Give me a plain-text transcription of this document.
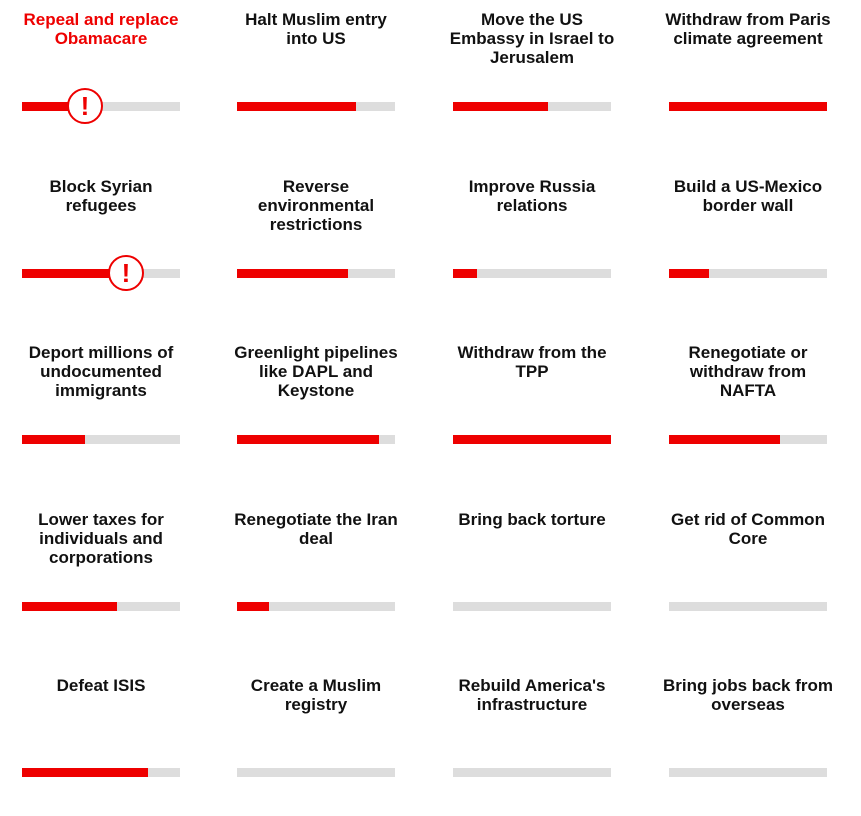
Repeal and replace Obamacare
!
Halt Muslim entry into US
Move the US Embassy in Israel to Jerusalem
Withdraw from Paris climate agreement
Block Syrian refugees
!
Reverse environmental restrictions
Improve Russia relations
Build a US-Mexico border wall
Deport millions of undocumented immigrants
Greenlight pipelines like DAPL and Keystone
Withdraw from the TPP
Renegotiate or withdraw from NAFTA
Lower taxes for individuals and corporations
Renegotiate the Iran deal
Bring back torture	Get rid of Common Core
Defeat ISIS	Create a Muslim registry
Rebuild America's infrastructure
Bring jobs back from overseas
